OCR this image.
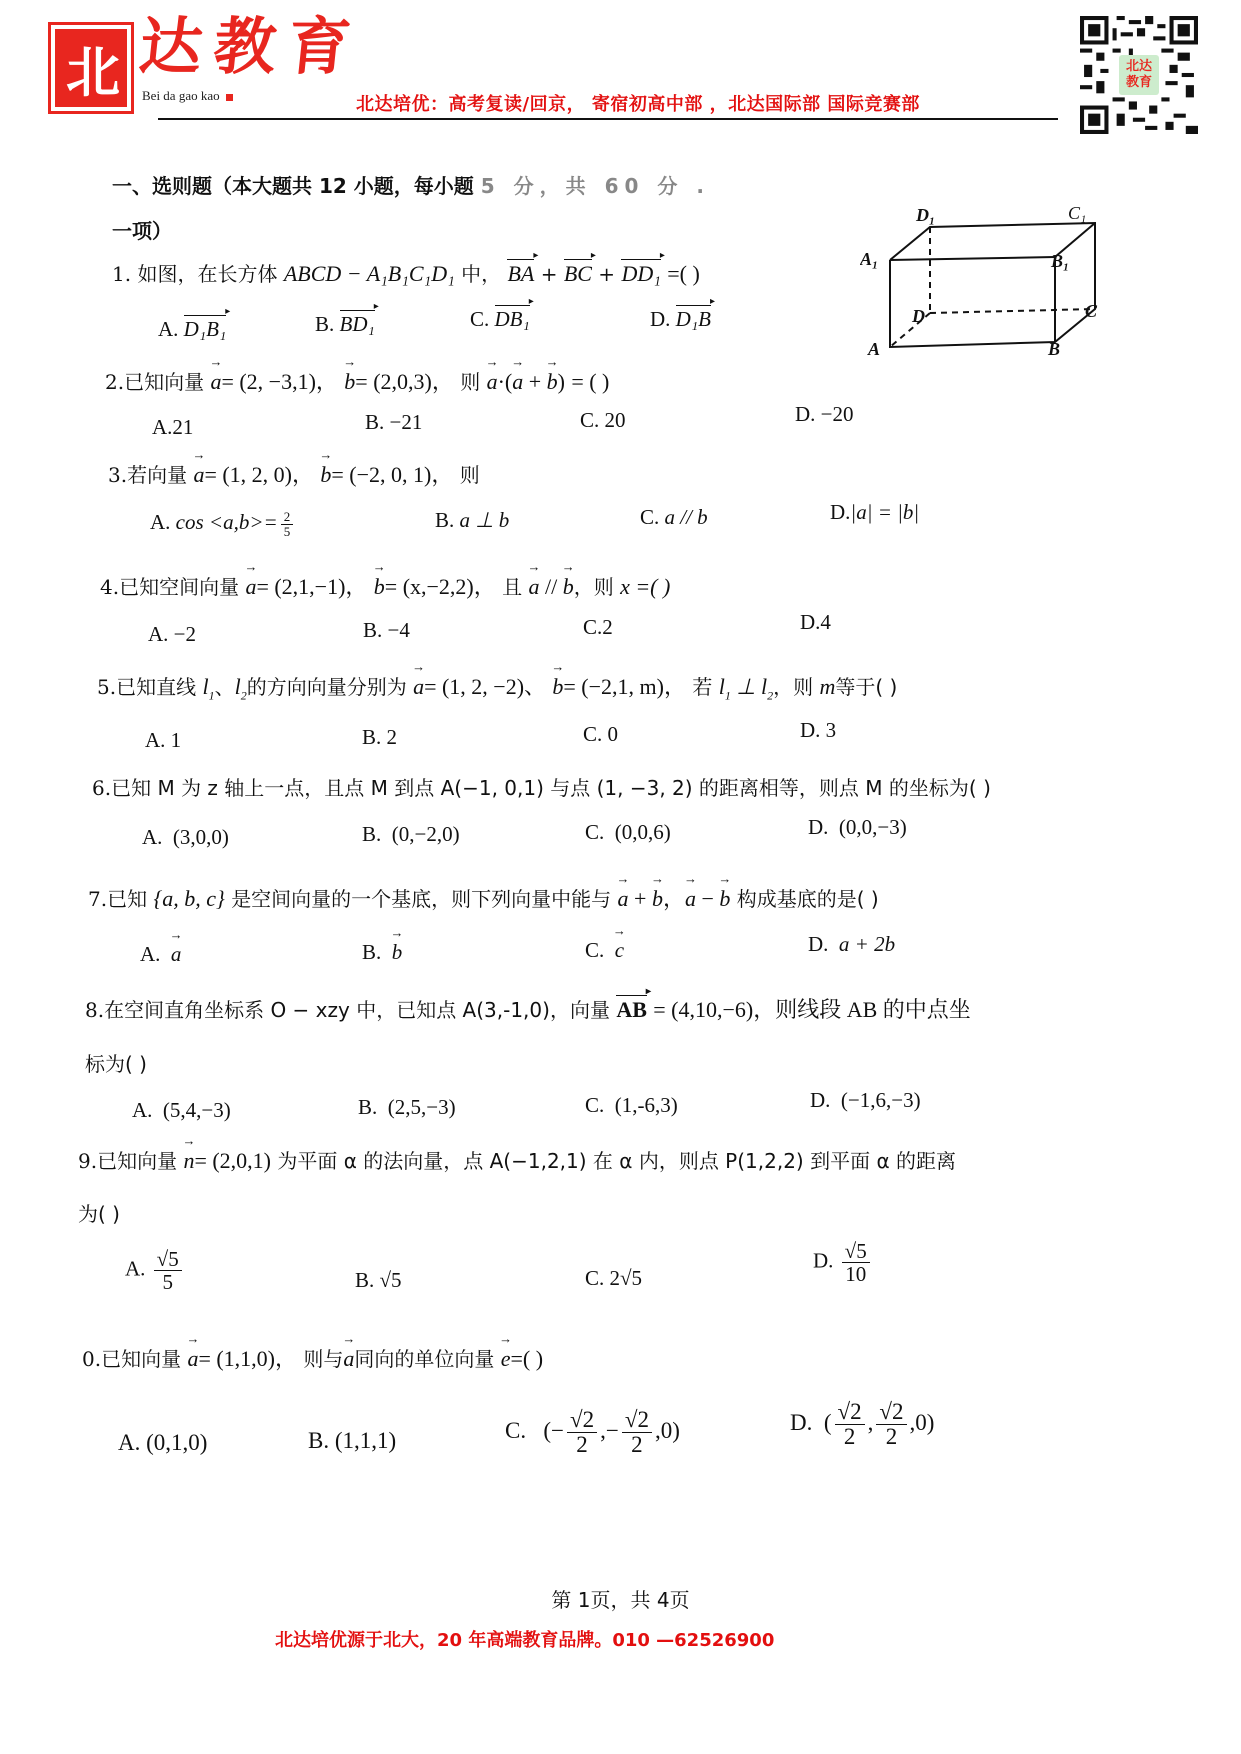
北 达教育
Bei da gao kao	北达培优：高考复读/回京， 寄宿初高中部 ，北达国际部 国际竞赛部
北达教育
一、选则题（本大题共 12 小题，每小题 5 分，共 60 分 .
一项）
1. 如图，在长方体 ABCD − A₁B₁C₁D₁ 中， BA ▸ + BC ▸ + DD₁ ▸ =( )
A. D₁B₁ ▸	B. BD₁ ▸	C. DB₁ ▸	D. D₁B ▸
D₁	C₁
A₁	B₁
D	C
A	B
2.已知向量 → a= (2, −3,1)， → b= (2,0,3)， 则 → a·(→ a + → b) = ( )
A.21	B. −21	C. 20	D. −20
3.若向量 → a= (1, 2, 0)， → b= (−2, 0, 1)， 则
A. $\cos <a,b>= \frac{2}{5}$	B. a ⊥ b	C. a // b	D.|a| = |b|
4.已知空间向量 → a= (2,1,−1)， → b= (x,−2,2)， 且 → a // → b，则 x =( )
A. −2	B. −4	C.2	D.4
5.已知直线 $l_1$、$l_2$的方向向量分别为 → a= (1, 2, −2)、 → b= (−2,1, m)， 若 $l_1$ ⊥ $l_2$，则 m等于( )
A. 1	B. 2	C. 0	D. 3
6.已知 M 为 z 轴上一点，且点 M 到点 A(−1, 0,1) 与点 (1, −3, 2) 的距离相等，则点 M 的坐标为( )
A. (3,0,0)	B. (0,−2,0)	C. (0,0,6)	D. (0,0,−3)
7.已知 {a, b, c} 是空间向量的一个基底，则下列向量中能与 → a + → b，→ a − → b 构成基底的是( )
A. → a	B. → b	C. → c	D. a + 2b
8.在空间直角坐标系 O − xzy 中，已知点 A(3,-1,0)，向量 AB ▸ = (4,10,−6)，则线段 AB 的中点坐
标为( )
A. (5,4,−3)	B. (2,5,−3)	C. (1,-6,3)	D. (−1,6,−3)
9.已知向量 → n= (2,0,1) 为平面 α 的法向量，点 A(−1,2,1) 在 α 内，则点 P(1,2,2) 到平面 α 的距离
为( )
A. $\frac{√5}{5}$	B. √5	C. 2√5
D. $\frac{√5}{10}$
0.已知向量 → a= (1,1,0)， 则与→ a同向的单位向量 → e=( )
A. (0,1,0)	B. (1,1,1)	C. (− $\frac{√2}{2}$ ,− $\frac{√2}{2} ,0$)	D. ( $\frac{√2}{2}$ , $\frac{√2}{2} ,0$)
第 1页，共 4页
北达培优源于北大，20 年高端教育品牌。010 —62526900
